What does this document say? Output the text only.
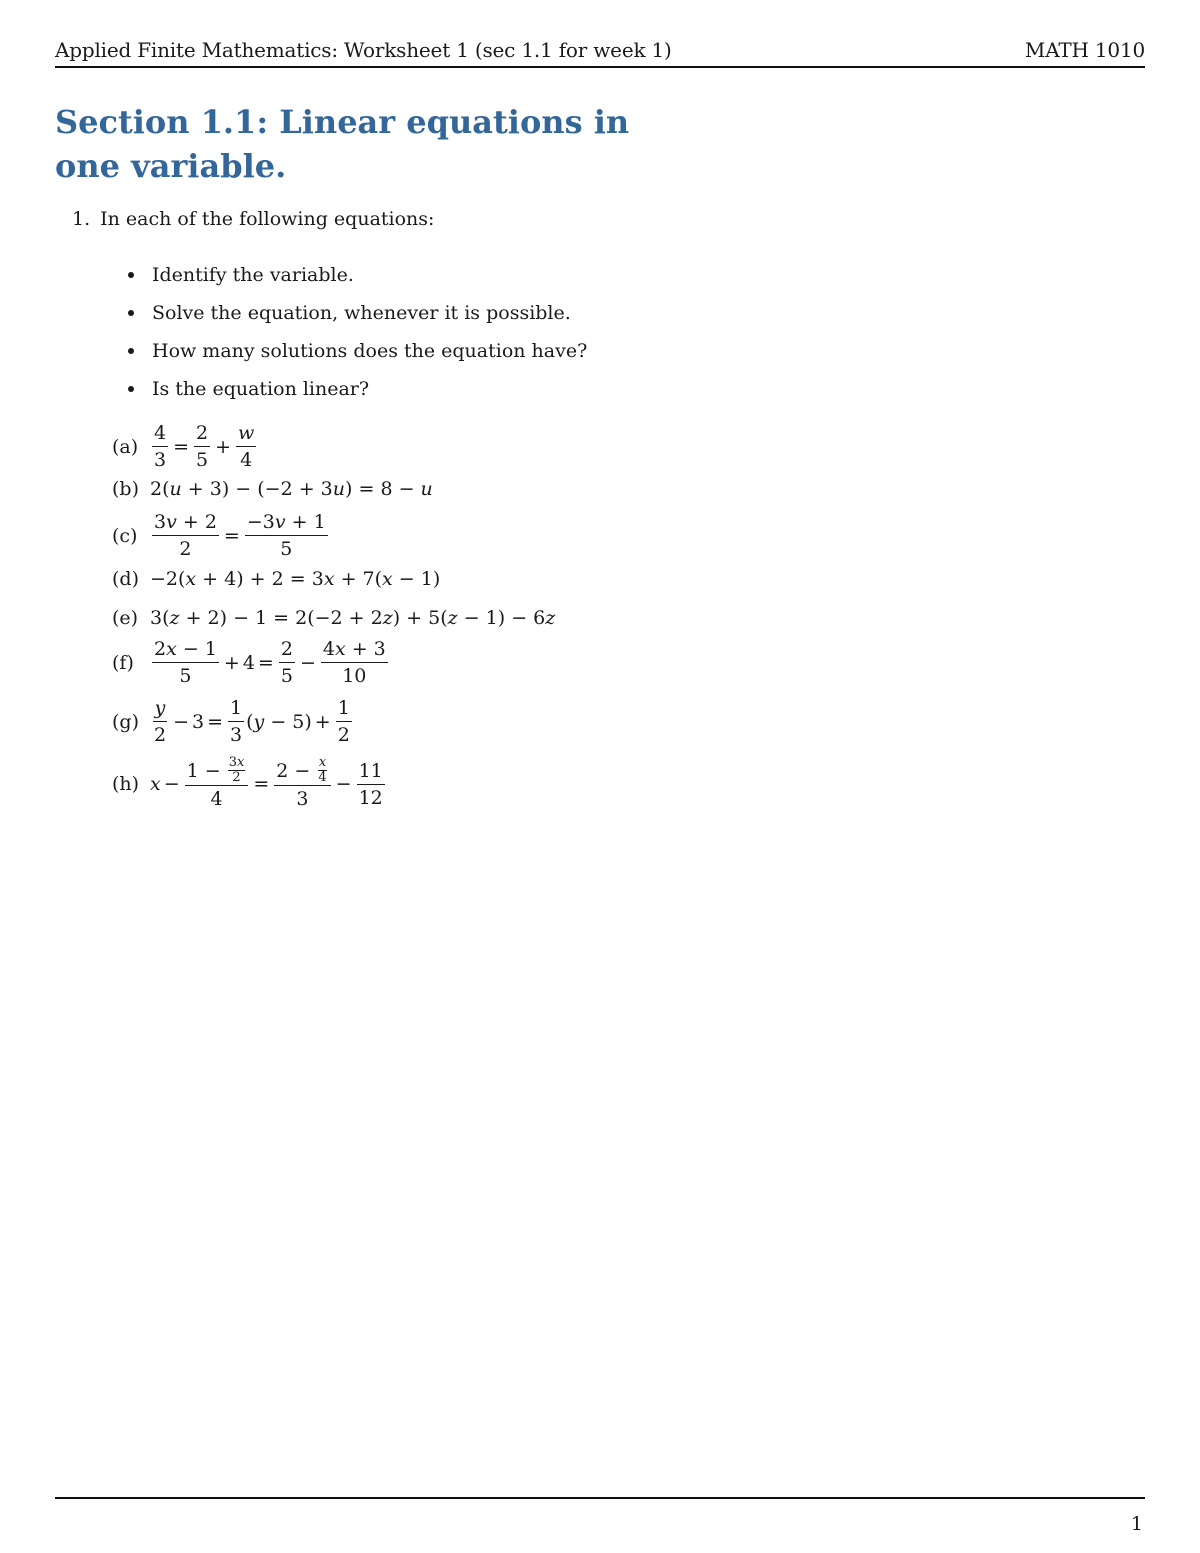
Applied Finite Mathematics: Worksheet 1 (sec 1.1 for week 1)	MATH 1010
Section 1.1: Linear equations in
one variable.
1. In each of the following equations:
Identify the variable.
Solve the equation, whenever it is possible.
How many solutions does the equation have?
Is the equation linear?
$(a) \frac{4}{3} = \frac{2}{5} + \frac{w}{4}$
(b) 2( u + 3) − (−2 + 3 u ) = 8 − u
$(c) \frac{3v + 2}{2} = \frac{-3v + 1}{5}$
(d) −2( x + 4) + 2 = 3 x + 7( x − 1)
(e) 3( z + 2) − 1 = 2(−2 + 2 z ) + 5( z − 1) − 6 z
$(f) \frac{2x - 1}{5} + 4 = \frac{2}{5} - \frac{4x + 3}{10}$
$(g) \frac{y}{2} - 3 = \frac{1}{3}$ ( $y - 5) + \frac{1}{2}$
(h) $x - \frac{1 - \frac{3x}{2}}{4} = \frac{2 - \frac{x}{4}}{3} - \frac{11}{12}$
1
